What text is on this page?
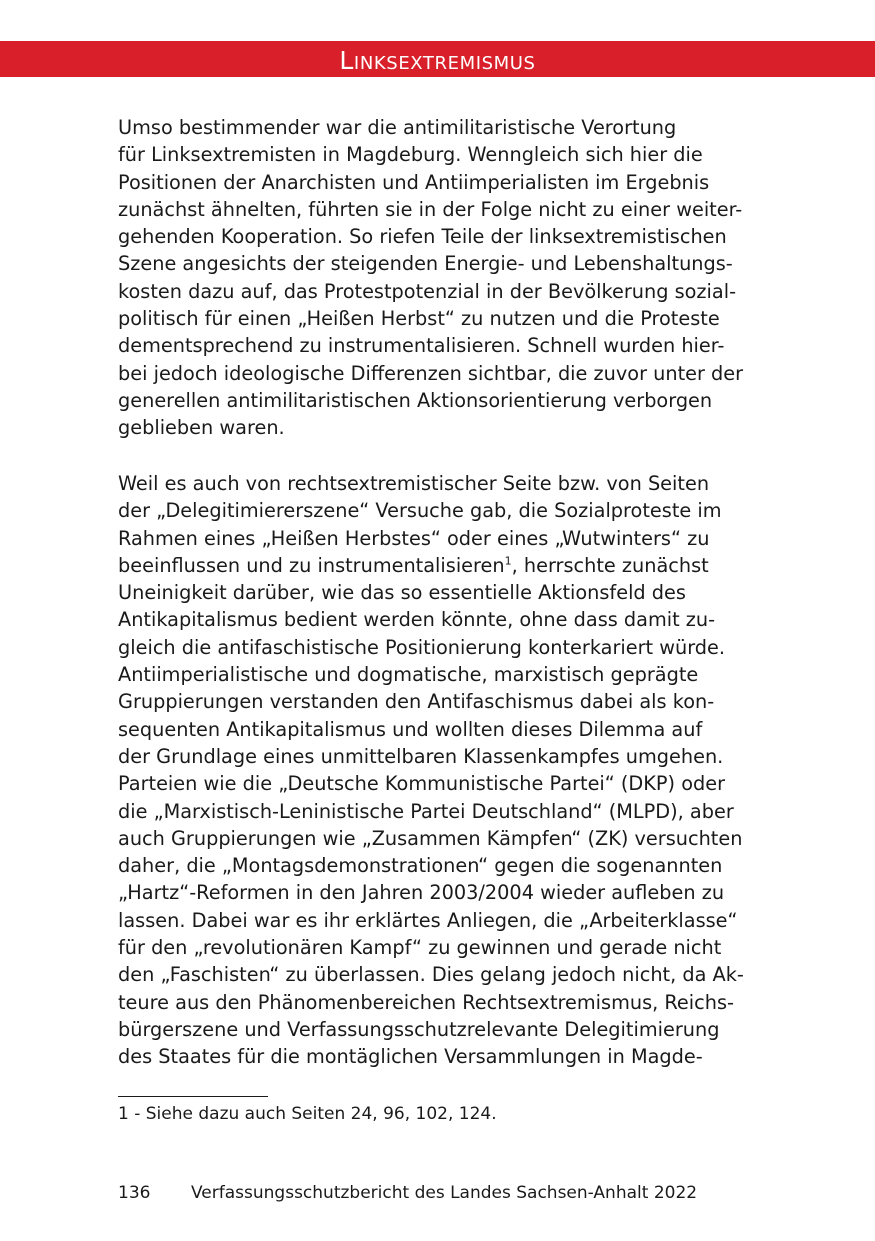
Linksextremismus
Umso bestimmender war die antimilitaristische Verortung
für Linksextremisten in Magdeburg. Wenngleich sich hier die
Positionen der Anarchisten und Antiimperialisten im Ergebnis
zunächst ähnelten, führten sie in der Folge nicht zu einer weiter-
gehenden Kooperation. So riefen Teile der linksextremistischen
Szene angesichts der steigenden Energie- und Lebenshaltungs-
kosten dazu auf, das Protestpotenzial in der Bevölkerung sozial-
politisch für einen „Heißen Herbst“ zu nutzen und die Proteste
dementsprechend zu instrumentalisieren. Schnell wurden hier-
bei jedoch ideologische Differenzen sichtbar, die zuvor unter der
generellen antimilitaristischen Aktionsorientierung verborgen
geblieben waren.
Weil es auch von rechtsextremistischer Seite bzw. von Seiten
der „Delegitimiererszene“ Versuche gab, die Sozialproteste im
Rahmen eines „Heißen Herbstes“ oder eines „Wutwinters“ zu
beeinflussen und zu instrumentalisieren$^1$, herrschte zunächst
Uneinigkeit darüber, wie das so essentielle Aktionsfeld des
Antikapitalismus bedient werden könnte, ohne dass damit zu-
gleich die antifaschistische Positionierung konterkariert würde.
Antiimperialistische und dogmatische, marxistisch geprägte
Gruppierungen verstanden den Antifaschismus dabei als kon-
sequenten Antikapitalismus und wollten dieses Dilemma auf
der Grundlage eines unmittelbaren Klassenkampfes umgehen.
Parteien wie die „Deutsche Kommunistische Partei“ (DKP) oder
die „Marxistisch-Leninistische Partei Deutschland“ (MLPD), aber
auch Gruppierungen wie „Zusammen Kämpfen“ (ZK) versuchten
daher, die „Montagsdemonstrationen“ gegen die sogenannten
„Hartz“-Reformen in den Jahren 2003/2004 wieder aufleben zu
lassen. Dabei war es ihr erklärtes Anliegen, die „Arbeiterklasse“
für den „revolutionären Kampf“ zu gewinnen und gerade nicht
den „Faschisten“ zu überlassen. Dies gelang jedoch nicht, da Ak-
teure aus den Phänomenbereichen Rechtsextremismus, Reichs-
bürgerszene und Verfassungsschutzrelevante Delegitimierung
des Staates für die montäglichen Versammlungen in Magde-
1 - Siehe dazu auch Seiten 24, 96, 102, 124.
136 Verfassungsschutzbericht des Landes Sachsen-Anhalt 2022
